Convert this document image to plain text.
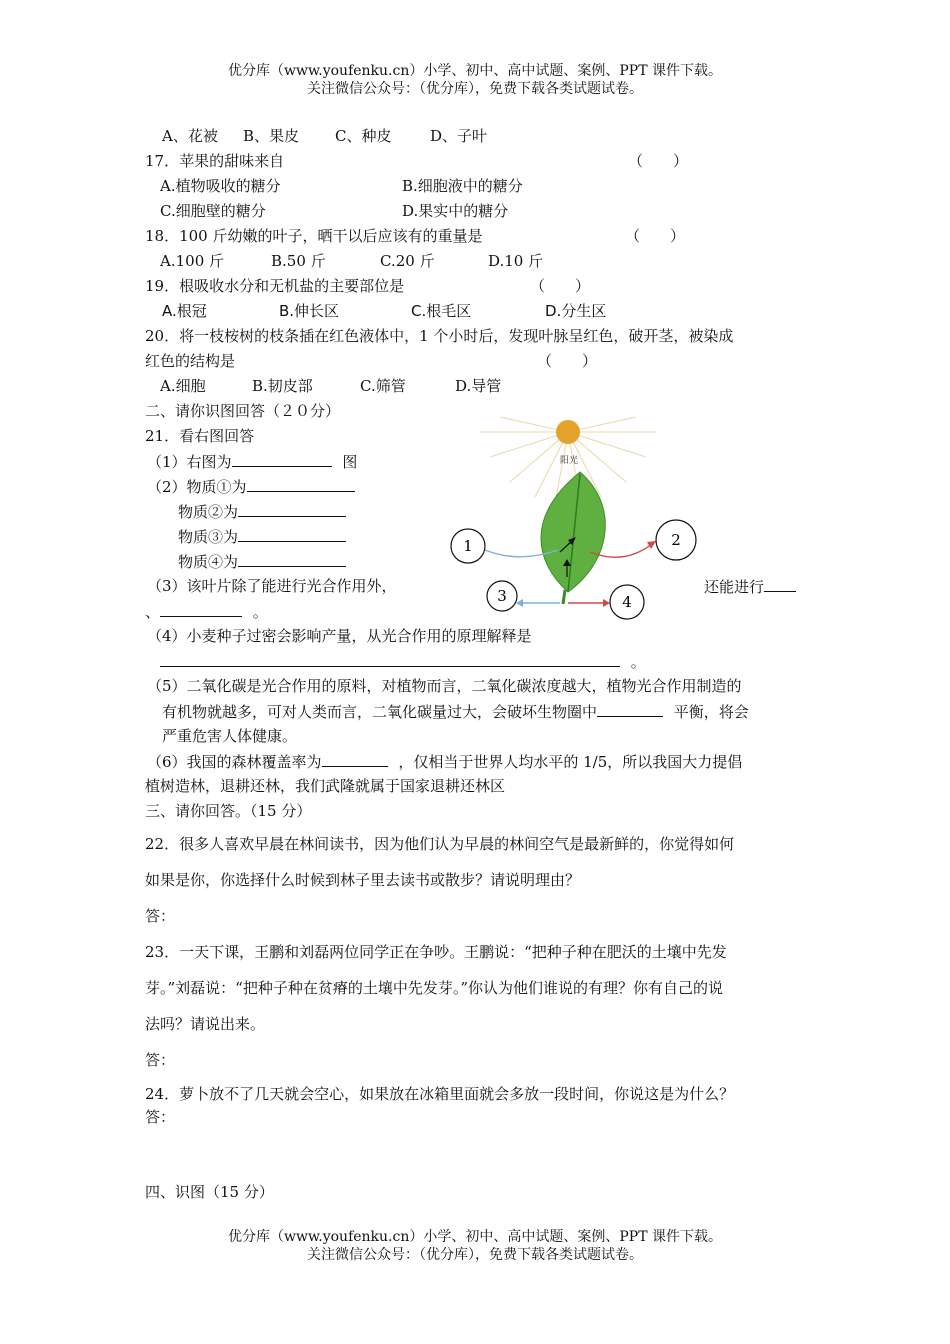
优分库（www.youfenku.cn）小学、初中、高中试题、案例、PPT 课件下载。
关注微信公众号：（优分库），免费下载各类试题试卷。
A、花被 B、果皮 C、种皮	D、子叶
17．苹果的甜味来自	（　　）
A.植物吸收的糖分	B.细胞液中的糖分
C.细胞壁的糖分	D.果实中的糖分
18．100 斤幼嫩的叶子，晒干以后应该有的重量是	（　　）
A.100 斤	B.50 斤	C.20 斤	D.10 斤
19．根吸收水分和无机盐的主要部位是	（　　）
A.根冠	B.伸长区	C.根毛区	D.分生区
20．将一枝桉树的枝条插在红色液体中，1 个小时后，发现叶脉呈红色，破开茎，被染成
红色的结构是	（　　）
A.细胞	B.韧皮部	C.筛管	D.导管
二、请你识图回答（２０分）
21．看右图回答
（1）右图为	图
（2）物质①为
物质②为
物质③为
物质④为
（3）该叶片除了能进行光合作用外，	还能进行
、	。
（4）小麦种子过密会影响产量，从光合作用的原理解释是
。
（5）二氧化碳是光合作用的原料，对植物而言，二氧化碳浓度越大，植物光合作用制造的
有机物就越多，可对人类而言，二氧化碳量过大，会破坏生物圈中	平衡，将会
严重危害人体健康。
（6）我国的森林覆盖率为	，仅相当于世界人均水平的 1/5，所以我国大力提倡
植树造林，退耕还林，我们武隆就属于国家退耕还林区
阳光
1	2
3	4
三、请你回答。（15 分）
22．很多人喜欢早晨在林间读书，因为他们认为早晨的林间空气是最新鲜的，你觉得如何
如果是你，你选择什么时候到林子里去读书或散步？请说明理由？
答：
23．一天下课，王鹏和刘磊两位同学正在争吵。王鹏说：“把种子种在肥沃的土壤中先发
芽。”刘磊说：“把种子种在贫瘠的土壤中先发芽。”你认为他们谁说的有理？你有自己的说
法吗？请说出来。
答：
24．萝卜放不了几天就会空心，如果放在冰箱里面就会多放一段时间，你说这是为什么？
答：
四、识图（15 分）
优分库（www.youfenku.cn）小学、初中、高中试题、案例、PPT 课件下载。
关注微信公众号：（优分库），免费下载各类试题试卷。
